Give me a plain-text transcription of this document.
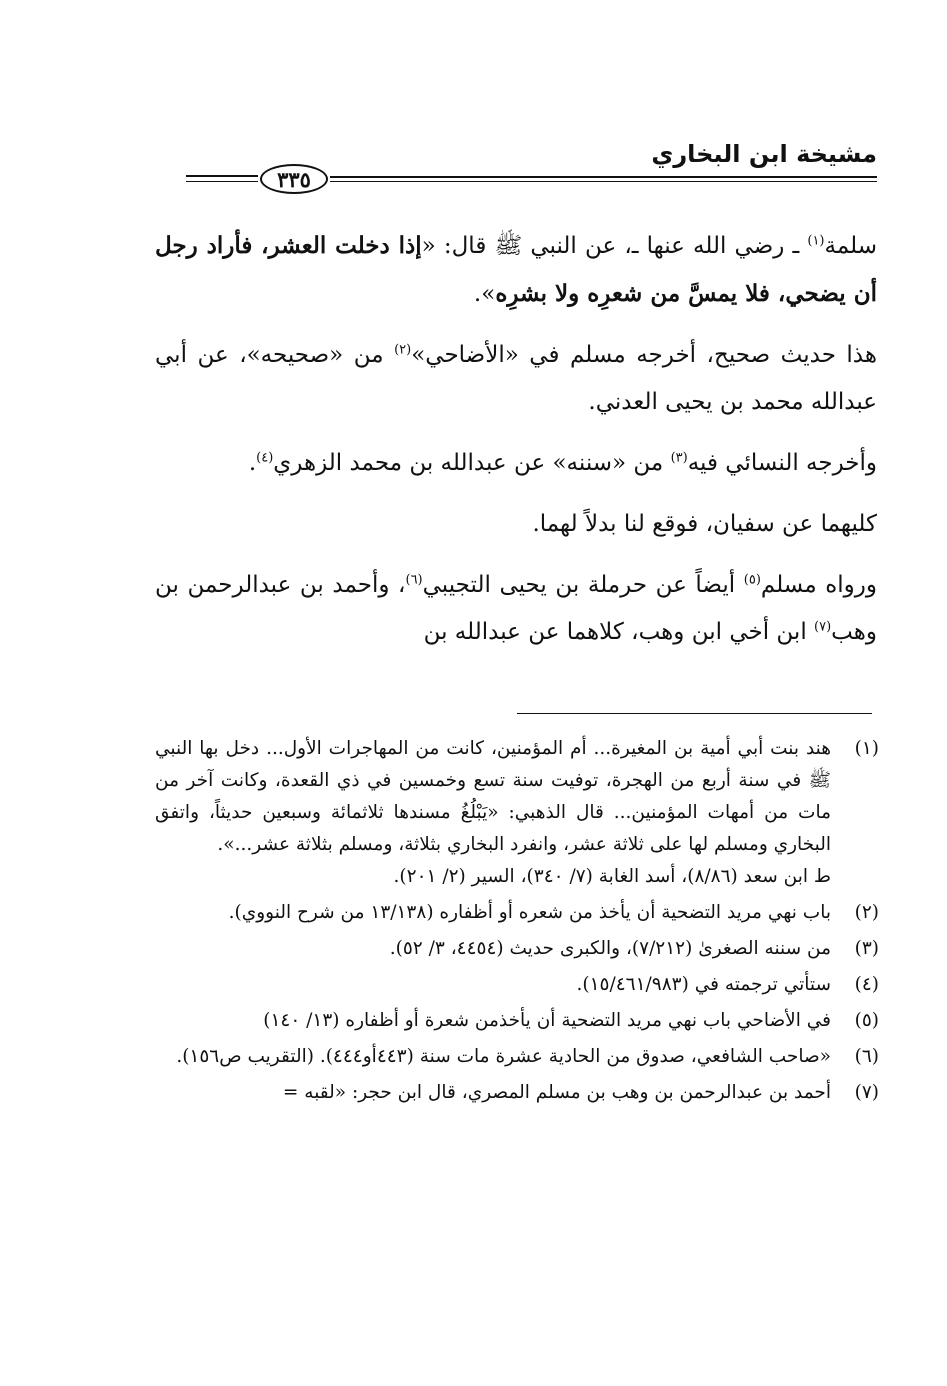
مشيخة ابن البخاري
٣٣٥

سلمة$^{(١)}$ ـ رضي الله عنها ـ، عن النبي ﷺ قال: «إذا دخلت العشر، فأراد رجل أن يضحي، فلا يمسَّ من شعرِه ولا بشرِه».

هذا حديث صحيح، أخرجه مسلم في «الأضاحي»$^{(٢)}$ من «صحيحه»، عن أبي عبدالله محمد بن يحيى العدني.

وأخرجه النسائي فيه$^{(٣)}$ من «سننه» عن عبدالله بن محمد الزهري$^{(٤)}$.

كليهما عن سفيان، فوقع لنا بدلاً لهما.

ورواه مسلم$^{(٥)}$ أيضاً عن حرملة بن يحيى التجيبي$^{(٦)}$، وأحمد بن عبدالرحمن بن وهب$^{(٧)}$ ابن أخي ابن وهب، كلاهما عن عبدالله بن

(١)
هند بنت أبي أمية بن المغيرة... أم المؤمنين، كانت من المهاجرات الأول... دخل بها النبي ﷺ في سنة أربع من الهجرة، توفيت سنة تسع وخمسين في ذي القعدة، وكانت آخر من مات من أمهات المؤمنين... قال الذهبي: «يَبْلُغُ مسندها ثلاثمائة وسبعين حديثاً، واتفق البخاري ومسلم لها على ثلاثة عشر، وانفرد البخاري بثلاثة، ومسلم بثلاثة عشر...».
ط ابن سعد (٨/٨٦)، أسد الغابة (٧/ ٣٤٠)، السير (٢/ ٢٠١).
(٢)
باب نهي مريد التضحية أن يأخذ من شعره أو أظفاره (١٣/١٣٨ من شرح النووي).
(٣)
من سننه الصغرىٰ (٧/٢١٢)، والكبرى حديث (٤٤٥٤، ٣/ ٥٢).
(٤)
ستأتي ترجمته في (١٥/٤٦١/٩٨٣).
(٥)
في الأضاحي باب نهي مريد التضحية أن يأخذمن شعرة أو أظفاره (١٣/ ١٤٠)
(٦)
«صاحب الشافعي، صدوق من الحادية عشرة مات سنة (٤٤٣أو٤٤٤). (التقريب ص١٥٦).
(٧)
أحمد بن عبدالرحمن بن وهب بن مسلم المصري، قال ابن حجر: «لقبه =
